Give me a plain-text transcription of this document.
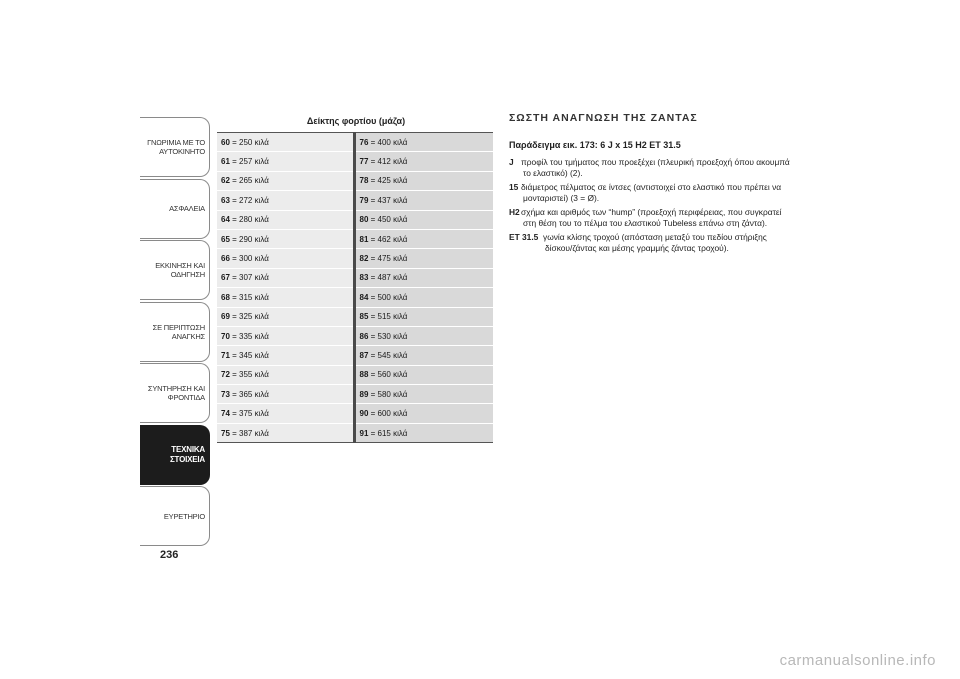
ΓΝΩΡΙΜΙΑ ΜΕ ΤΟ
ΑΥΤΟΚΙΝΗΤΟ
ΑΣΦΑΛΕΙΑ
ΕΚΚΙΝΗΣΗ ΚΑΙ
ΟΔΗΓΗΣΗ
ΣΕ ΠΕΡΙΠΤΩΣΗ
ΑΝΑΓΚΗΣ
ΣΥΝΤΗΡΗΣΗ ΚΑΙ
ΦΡΟΝΤΙΔΑ
ΤΕΧΝΙΚΑ
ΣΤΟΙΧΕΙΑ
ΕΥΡΕΤΗΡΙΟ
236
Δείκτης φορτίου (μάζα)
60 = 250 κιλά	76 = 400 κιλά
61 = 257 κιλά	77 = 412 κιλά
62 = 265 κιλά	78 = 425 κιλά
63 = 272 κιλά	79 = 437 κιλά
64 = 280 κιλά	80 = 450 κιλά
65 = 290 κιλά	81 = 462 κιλά
66 = 300 κιλά	82 = 475 κιλά
67 = 307 κιλά	83 = 487 κιλά
68 = 315 κιλά	84 = 500 κιλά
69 = 325 κιλά	85 = 515 κιλά
70 = 335 κιλά	86 = 530 κιλά
71 = 345 κιλά	87 = 545 κιλά
72 = 355 κιλά	88 = 560 κιλά
73 = 365 κιλά	89 = 580 κιλά
74 = 375 κιλά	90 = 600 κιλά
75 = 387 κιλά	91 = 615 κιλά
ΣΩΣΤΗ ΑΝΑΓΝΩΣΗ ΤΗΣ ΖΑΝΤΑΣ
Παράδειγμα εικ. 173: 6 J x 15 H2 ET 31.5
J προφίλ του τμήματος που προεξέχει (πλευρική προεξοχή όπου ακουμπά το ελαστικό) (2).
15 διάμετρος πέλματος σε ίντσες (αντιστοιχεί στο ελαστικό που πρέπει να μονταριστεί) (3 = Ø).
H2 σχήμα και αριθμός των “hump” (προεξοχή περιφέρειας, που συγκρατεί στη θέση του το πέλμα του ελαστικού Tubeless επάνω στη ζάντα).
ET 31.5 γωνία κλίσης τροχού (απόσταση μεταξύ του πεδίου στήριξης δίσκου/ζάντας και μέσης γραμμής ζάντας τροχού).
carmanualsonline.info
